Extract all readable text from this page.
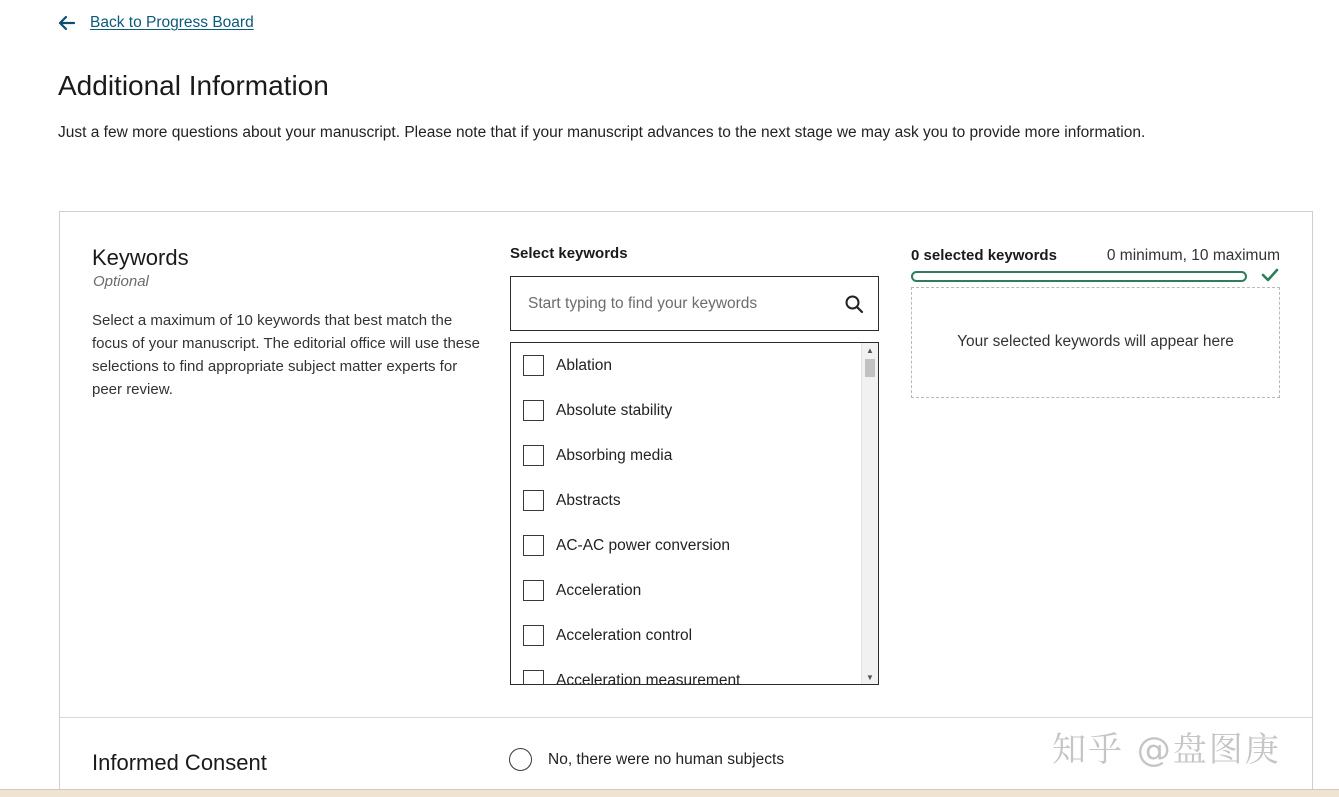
Back to Progress Board
Additional Information

Just a few more questions about your manuscript. Please note that if your manuscript advances to the next stage we may ask you to provide more information.

Keywords
Optional

Select a maximum of 10 keywords that best match the focus of your manuscript. The editorial office will use these selections to find appropriate subject matter experts for peer review.

Select keywords
Start typing to find your keywords
Ablation
Absolute stability
Absorbing media
Abstracts
AC-AC power conversion
Acceleration
Acceleration control
Acceleration measurement
▲
▼
0 selected keywords	0 minimum, 10 maximum
Your selected keywords will appear here
Informed Consent	No, there were no human subjects	知乎 @盘图庚
